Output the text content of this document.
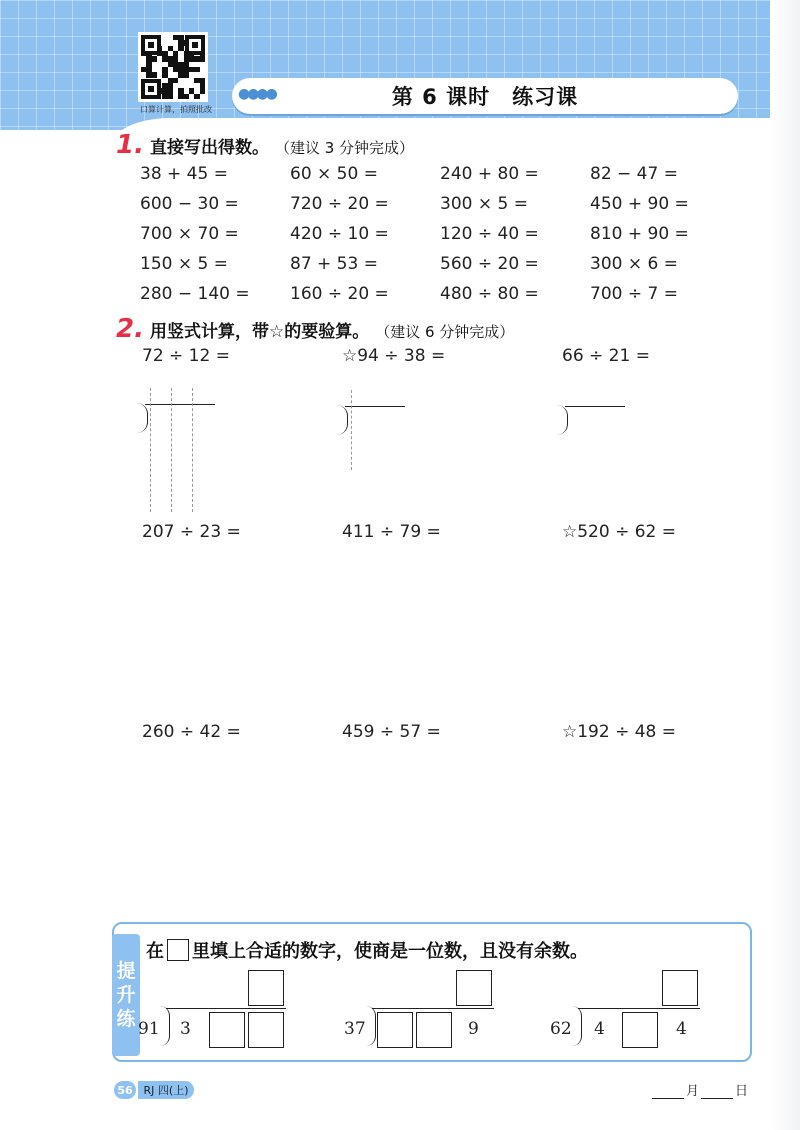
口算计算，拍照批改
●●●●	第 6 课时　练习课
1. 直接写出得数。 （建议 3 分钟完成）
38 + 45 =	60 × 50 =	240 + 80 =	82 − 47 =
600 − 30 =	720 ÷ 20 =	300 × 5 =	450 + 90 =
700 × 70 =	420 ÷ 10 =	120 ÷ 40 =	810 + 90 =
150 × 5 =	87 + 53 =	560 ÷ 20 =	300 × 6 =
280 − 140 =	160 ÷ 20 =	480 ÷ 80 =	700 ÷ 7 =
2. 用竖式计算，带☆的要验算。 （建议 6 分钟完成）
72 ÷ 12 =	☆94 ÷ 38 =	66 ÷ 21 =
207 ÷ 23 =	411 ÷ 79 =	☆520 ÷ 62 =
260 ÷ 42 =	459 ÷ 57 =	☆192 ÷ 48 =
提
升
练
在 里填上合适的数字，使商是一位数，且没有余数。
91 3	37	9	62 4	4
56 RJ 四(上)	月	日
